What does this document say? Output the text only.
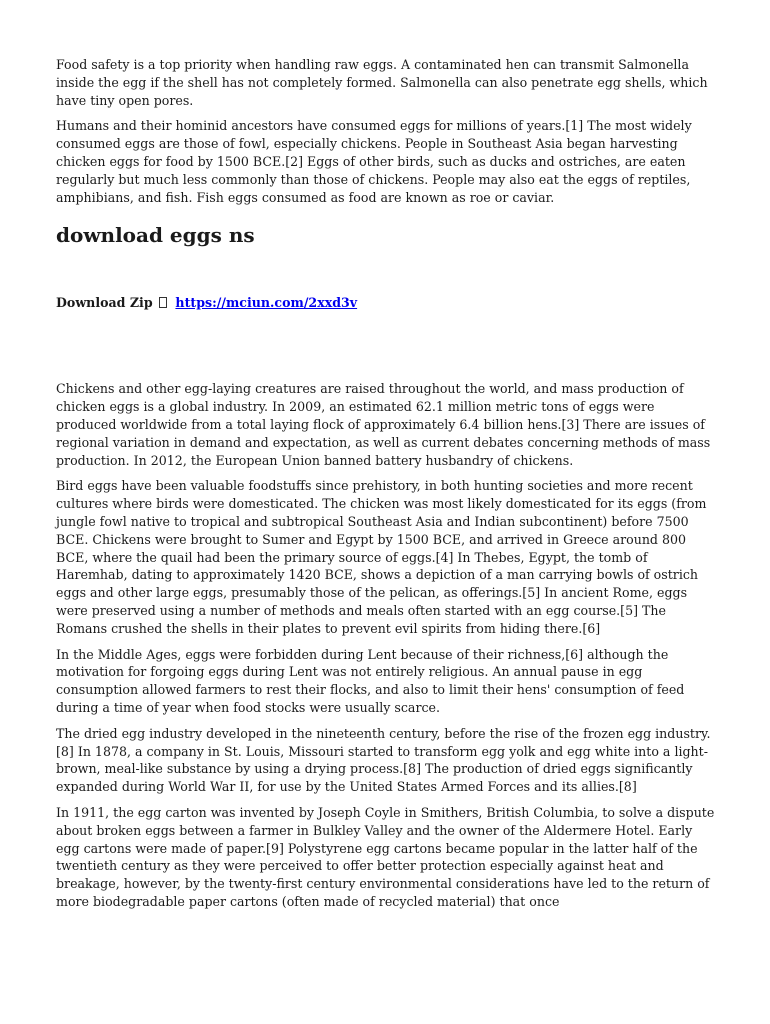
Food safety is a top priority when handling raw eggs. A contaminated hen can transmit Salmonella inside the egg if the shell has not completely formed. Salmonella can also penetrate egg shells, which have tiny open pores.

Humans and their hominid ancestors have consumed eggs for millions of years.[1] The most widely consumed eggs are those of fowl, especially chickens. People in Southeast Asia began harvesting chicken eggs for food by 1500 BCE.[2] Eggs of other birds, such as ducks and ostriches, are eaten regularly but much less commonly than those of chickens. People may also eat the eggs of reptiles, amphibians, and fish. Fish eggs consumed as food are known as roe or caviar.

download eggs ns
Download Zip https://mciun.com/2xxd3v

Chickens and other egg-laying creatures are raised throughout the world, and mass production of chicken eggs is a global industry. In 2009, an estimated 62.1 million metric tons of eggs were produced worldwide from a total laying flock of approximately 6.4 billion hens.[3] There are issues of regional variation in demand and expectation, as well as current debates concerning methods of mass production. In 2012, the European Union banned battery husbandry of chickens.

Bird eggs have been valuable foodstuffs since prehistory, in both hunting societies and more recent cultures where birds were domesticated. The chicken was most likely domesticated for its eggs (from jungle fowl native to tropical and subtropical Southeast Asia and Indian subcontinent) before 7500 BCE. Chickens were brought to Sumer and Egypt by 1500 BCE, and arrived in Greece around 800 BCE, where the quail had been the primary source of eggs.[4] In Thebes, Egypt, the tomb of Haremhab, dating to approximately 1420 BCE, shows a depiction of a man carrying bowls of ostrich eggs and other large eggs, presumably those of the pelican, as offerings.[5] In ancient Rome, eggs were preserved using a number of methods and meals often started with an egg course.[5] The Romans crushed the shells in their plates to prevent evil spirits from hiding there.[6]

In the Middle Ages, eggs were forbidden during Lent because of their richness,[6] although the motivation for forgoing eggs during Lent was not entirely religious. An annual pause in egg consumption allowed farmers to rest their flocks, and also to limit their hens' consumption of feed during a time of year when food stocks were usually scarce.

The dried egg industry developed in the nineteenth century, before the rise of the frozen egg industry.[8] In 1878, a company in St. Louis, Missouri started to transform egg yolk and egg white into a light-brown, meal-like substance by using a drying process.[8] The production of dried eggs significantly expanded during World War II, for use by the United States Armed Forces and its allies.[8]

In 1911, the egg carton was invented by Joseph Coyle in Smithers, British Columbia, to solve a dispute about broken eggs between a farmer in Bulkley Valley and the owner of the Aldermere Hotel. Early egg cartons were made of paper.[9] Polystyrene egg cartons became popular in the latter half of the twentieth century as they were perceived to offer better protection especially against heat and breakage, however, by the twenty-first century environmental considerations have led to the return of more biodegradable paper cartons (often made of recycled material) that once
